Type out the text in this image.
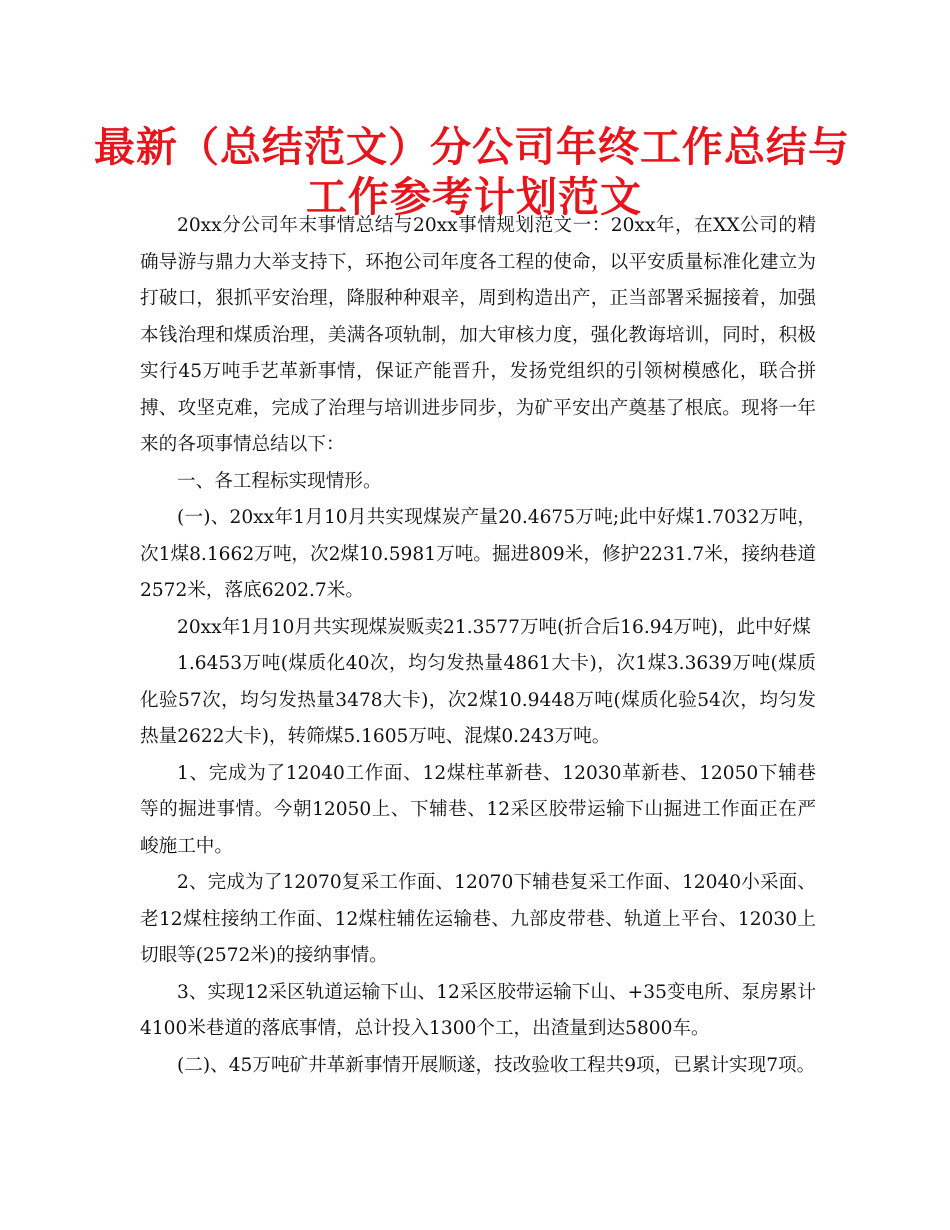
最新（总结范文）分公司年终工作总结与
工作参考计划范文

20xx分公司年末事情总结与20xx事情规划范文一：20xx年，在XX公司的精确导游与鼎力大举支持下，环抱公司年度各工程的使命，以平安质量标准化建立为打破口，狠抓平安治理，降服种种艰辛，周到构造出产，正当部署采掘接着，加强本钱治理和煤质治理，美满各项轨制，加大审核力度，强化教诲培训，同时，积极实行45万吨手艺革新事情，保证产能晋升，发扬党组织的引领树模感化，联合拼搏、攻坚克难，完成了治理与培训进步同步，为矿平安出产奠基了根底。现将一年来的各项事情总结以下：

一、各工程标实现情形。

(一)、20xx年1月10月共实现煤炭产量20.4675万吨;此中好煤1.7032万吨，次1煤8.1662万吨，次2煤10.5981万吨。掘进809米，修护2231.7米，接纳巷道2572米，落底6202.7米。

20xx年1月10月共实现煤炭贩卖21.3577万吨(折合后16.94万吨)，此中好煤

1.6453万吨(煤质化40次，均匀发热量4861大卡)，次1煤3.3639万吨(煤质化验57次，均匀发热量3478大卡)，次2煤10.9448万吨(煤质化验54次，均匀发热量2622大卡)，转筛煤5.1605万吨、混煤0.243万吨。

1、完成为了12040工作面、12煤柱革新巷、12030革新巷、12050下辅巷等的掘进事情。今朝12050上、下辅巷、12采区胶带运输下山掘进工作面正在严峻施工中。

2、完成为了12070复采工作面、12070下辅巷复采工作面、12040小采面、老12煤柱接纳工作面、12煤柱辅佐运输巷、九部皮带巷、轨道上平台、12030上切眼等(2572米)的接纳事情。

3、实现12采区轨道运输下山、12采区胶带运输下山、+35变电所、泵房累计4100米巷道的落底事情，总计投入1300个工，出渣量到达5800车。

(二)、45万吨矿井革新事情开展顺遂，技改验收工程共9项，已累计实现7项。
